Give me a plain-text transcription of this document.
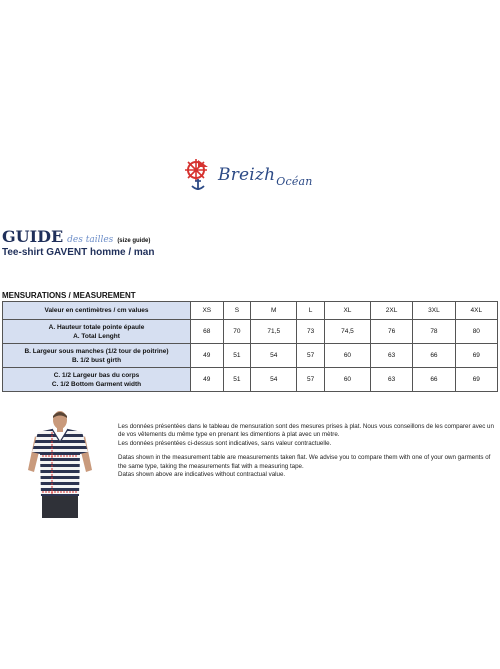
Breizh$_{Océan}$
GUIDE des tailles (size guide)
Tee-shirt GAVENT homme / man
MENSURATIONS / MEASUREMENT
Valeur en centimètres / cm values	XS	S	M	L	XL	2XL	3XL	4XL

A. Hauteur totale pointe épaule
A. Total Lenght	68	70	71,5	73	74,5	76	78	80

B. Largeur sous manches (1/2 tour de poitrine)
B. 1/2 bust girth	49	51	54	57	60	63	66	69

C. 1/2 Largeur bas du corps
C. 1/2 Bottom Garment width	49	51	54	57	60	63	66	69

Les données présentées dans le tableau de mensuration sont des mesures prises à plat. Nous vous conseillons de les comparer avec un de vos vêtements du même type en prenant les dimentions à plat avec un mètre.

Les données présentées ci-dessus sont indicatives, sans valeur contractuelle.

Datas shown in the measurement table are measurements taken flat. We advise you to compare them with one of your own garments of the same type, taking the measurements flat with a measuring tape.

Datas shown above are indicatives without contractual value.
